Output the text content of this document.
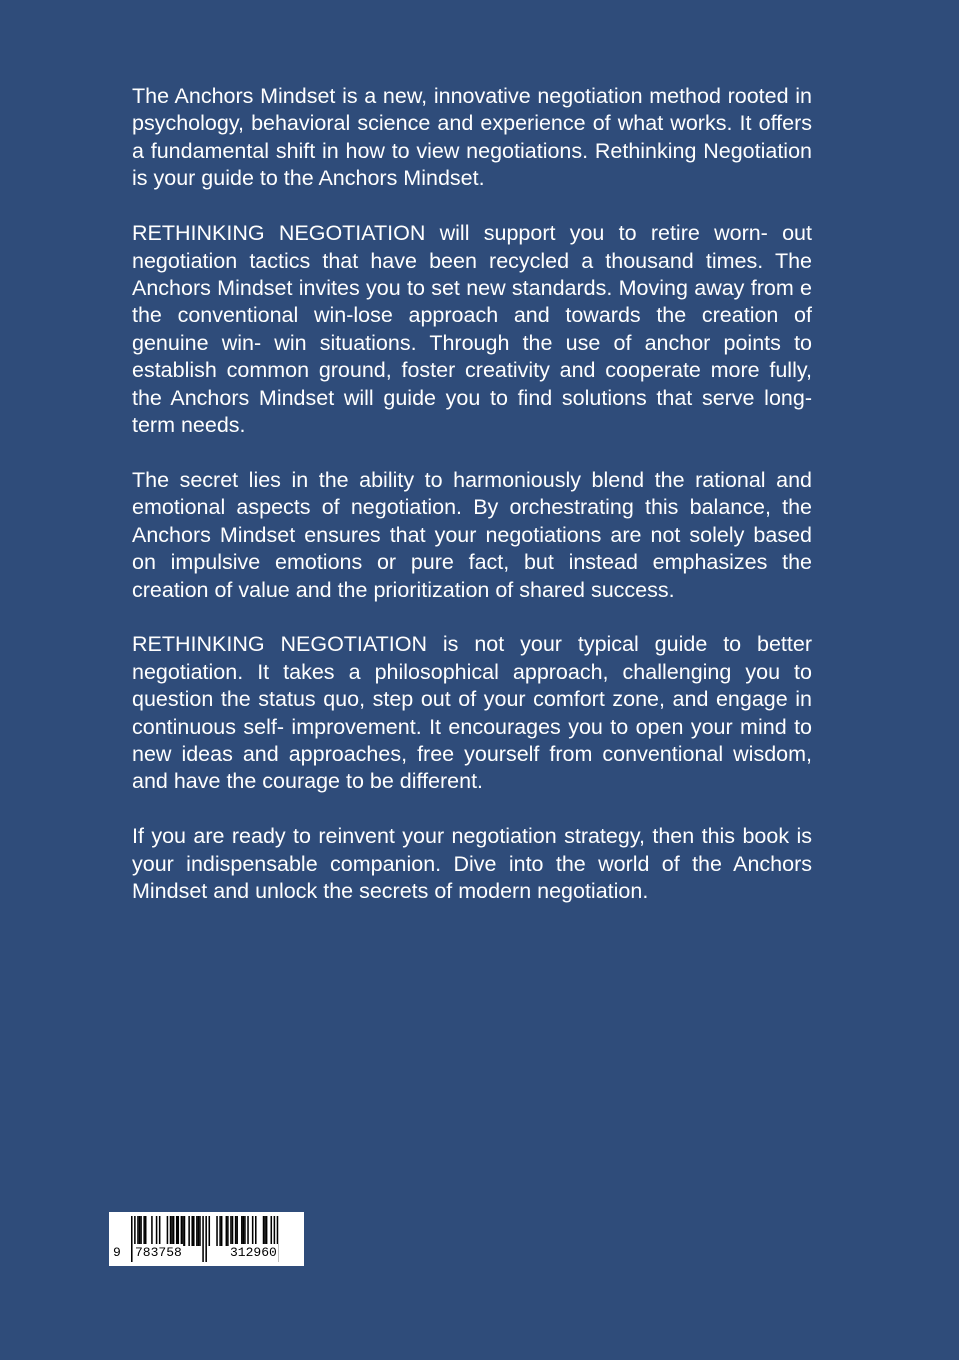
The Anchors Mindset is a new, innovative negotiation method rooted in psychology, behavioral science and experience of what works. It offers a fundamental shift in how to view negotiations. Rethinking Negotiation is your guide to the Anchors Mindset.

RETHINKING NEGOTIATION will support you to retire worn- out negotiation tactics that have been recycled a thousand times. The Anchors Mindset invites you to set new standards. Moving away from e the conventional win-lose approach and towards the creation of genuine win- win situations. Through the use of anchor points to establish common ground, foster creativity and cooperate more fully, the Anchors Mindset will guide you to find solutions that serve long-term needs.

The secret lies in the ability to harmoniously blend the rational and emotional aspects of negotiation. By orchestrating this balance, the Anchors Mindset ensures that your negotiations are not solely based on impulsive emotions or pure fact, but instead emphasizes the creation of value and the prioritization of shared success.

RETHINKING NEGOTIATION is not your typical guide to better negotiation. It takes a philosophical approach, challenging you to question the status quo, step out of your comfort zone, and engage in continuous self- improvement. It encourages you to open your mind to new ideas and approaches, free yourself from conventional wisdom, and have the courage to be different.

If you are ready to reinvent your negotiation strategy, then this book is your indispensable companion. Dive into the world of the Anchors Mindset and unlock the secrets of modern negotiation.

9 783758	312960
